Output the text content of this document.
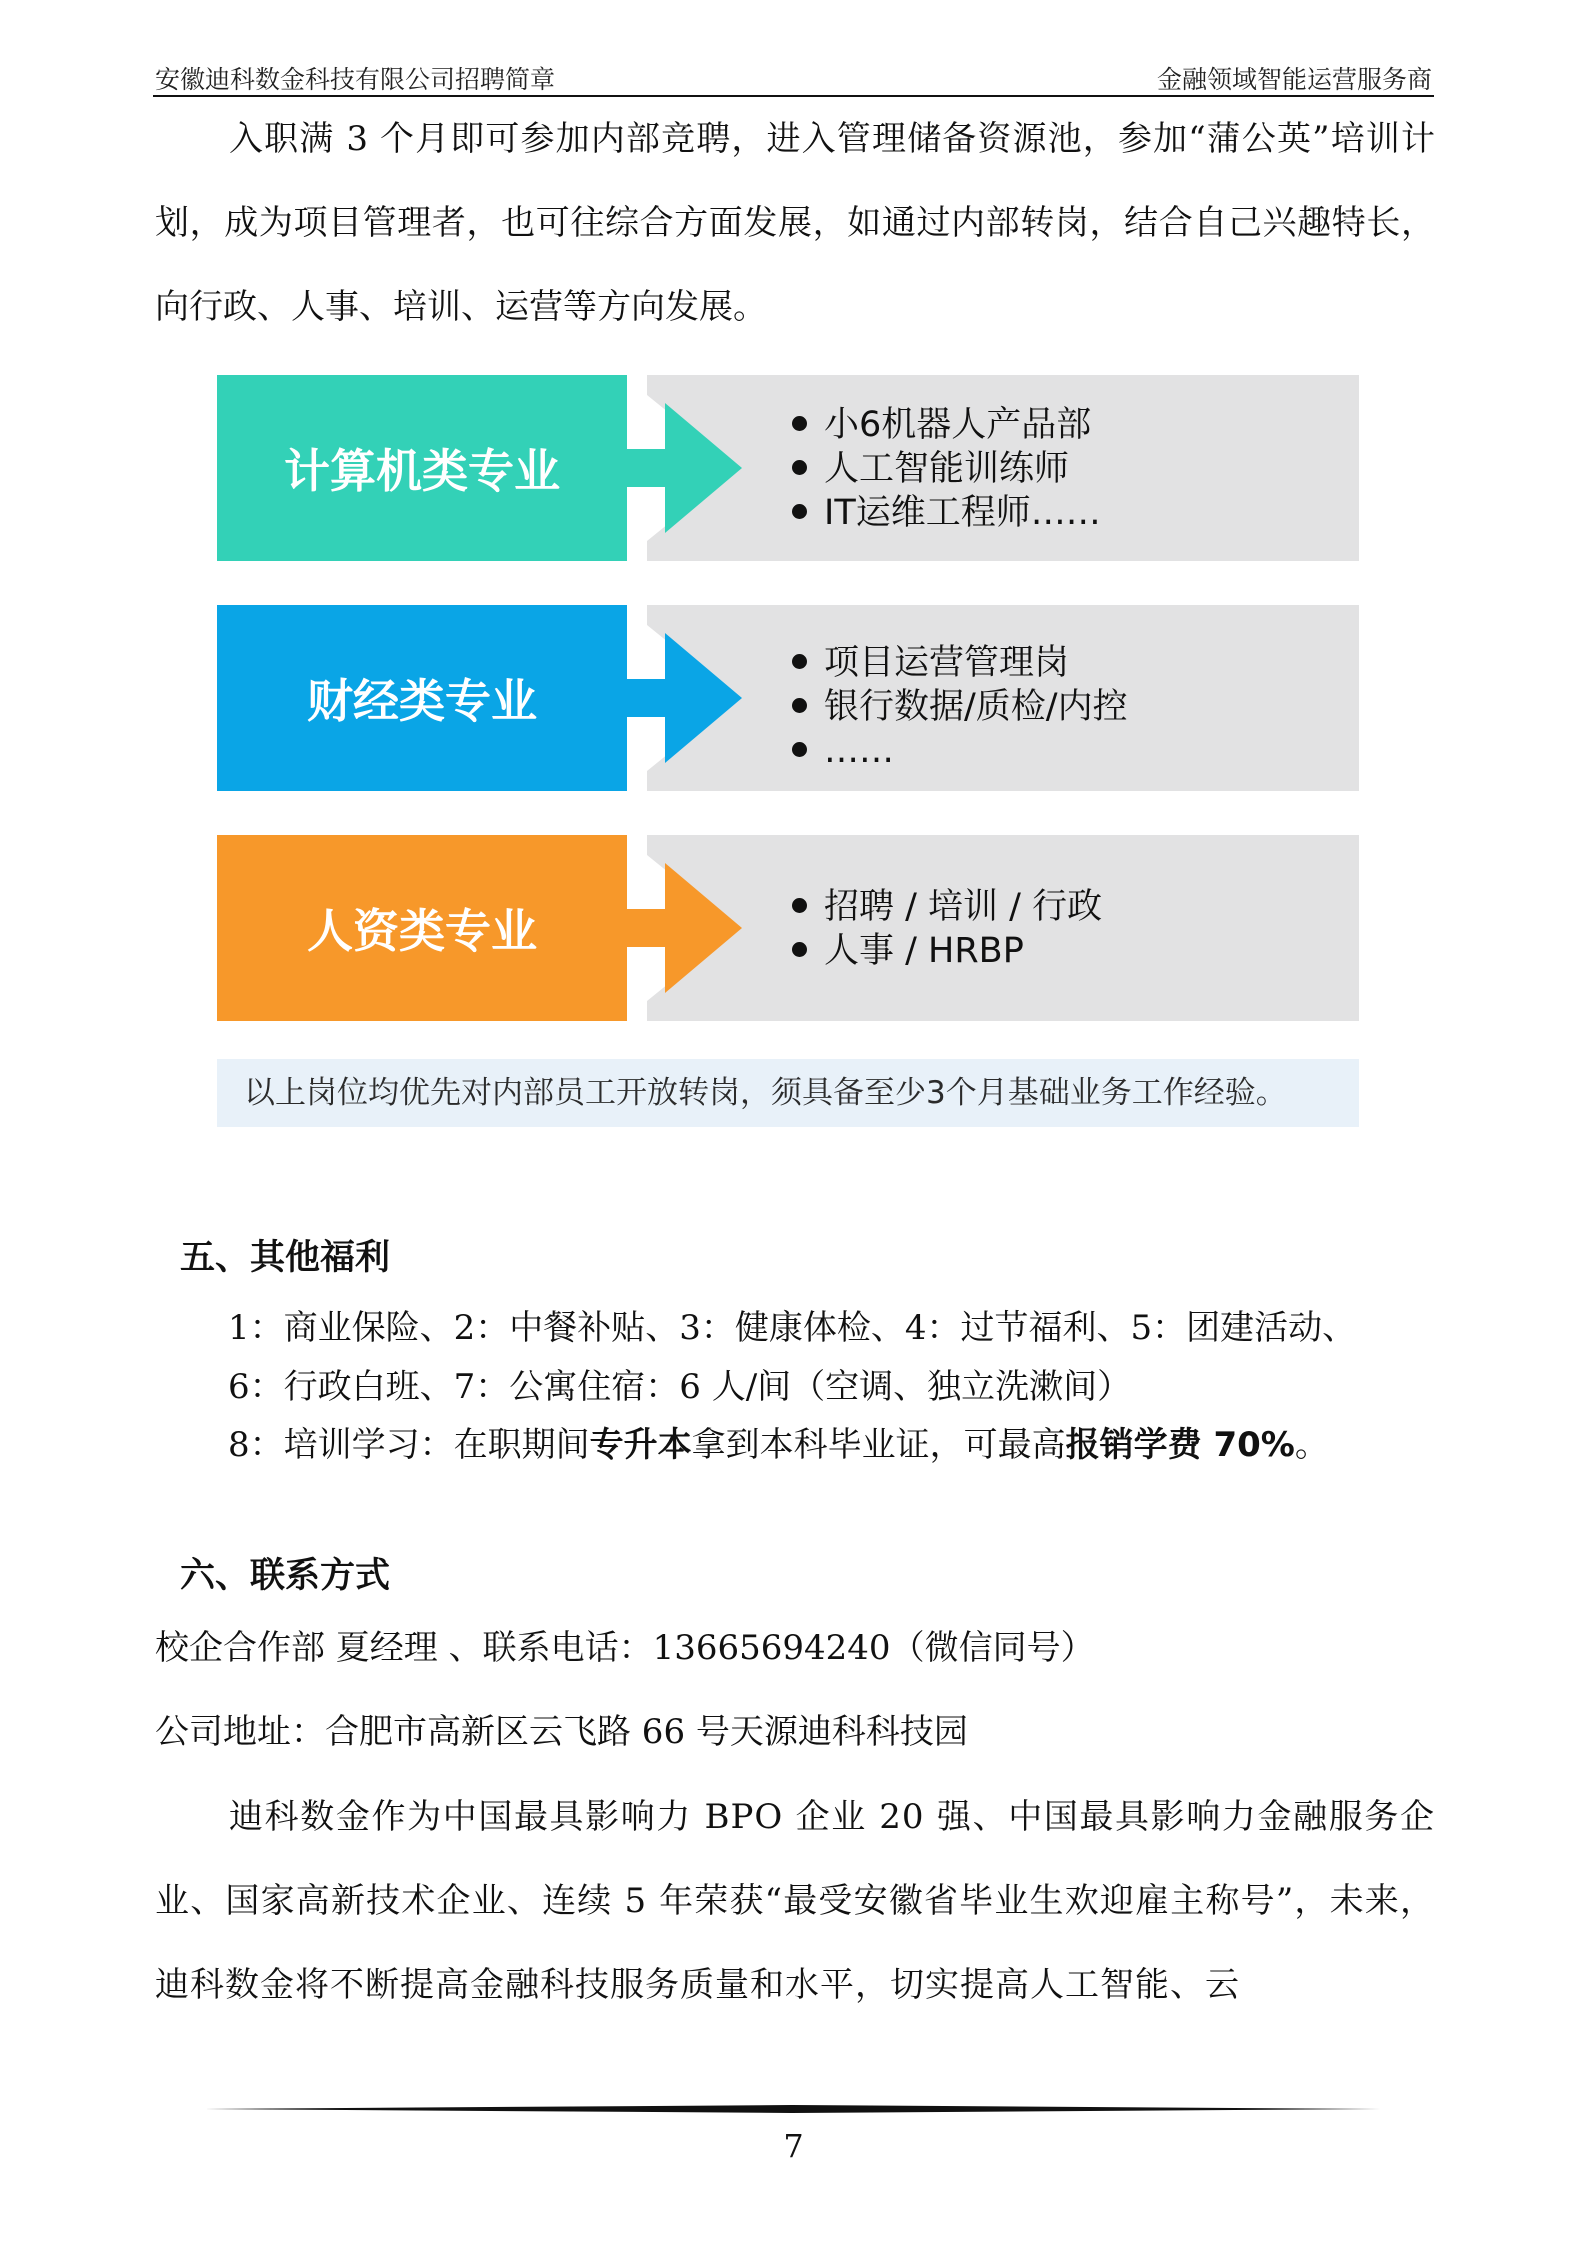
安徽迪科数金科技有限公司招聘简章	金融领域智能运营服务商

入职满 3 个月即可参加内部竞聘，进入管理储备资源池，参加“蒲公英”培训计划，成为项目管理者，也可往综合方面发展，如通过内部转岗，结合自己兴趣特长，向行政、人事、培训、运营等方向发展。

计算机类专业
小6机器人产品部
人工智能训练师
IT运维工程师……
财经类专业
项目运营管理岗
银行数据/质检/内控
……
人资类专业	招聘 / 培训 / 行政
人事 / HRBP
以上岗位均优先对内部员工开放转岗，须具备至少3个月基础业务工作经验。
五、其他福利
1：商业保险、2：中餐补贴、3：健康体检、4：过节福利、5：团建活动、
6：行政白班、7：公寓住宿：6 人/间（空调、独立洗漱间）
8：培训学习：在职期间专升本拿到本科毕业证，可最高报销学费 70%。
六、联系方式
校企合作部 夏经理 、联系电话：13665694240（微信同号）
公司地址：合肥市高新区云飞路 66 号天源迪科科技园

迪科数金作为中国最具影响力 BPO 企业 20 强、中国最具影响力金融服务企业、国家高新技术企业、连续 5 年荣获“最受安徽省毕业生欢迎雇主称号”，未来，迪科数金将不断提高金融科技服务质量和水平，切实提高人工智能、云

7
